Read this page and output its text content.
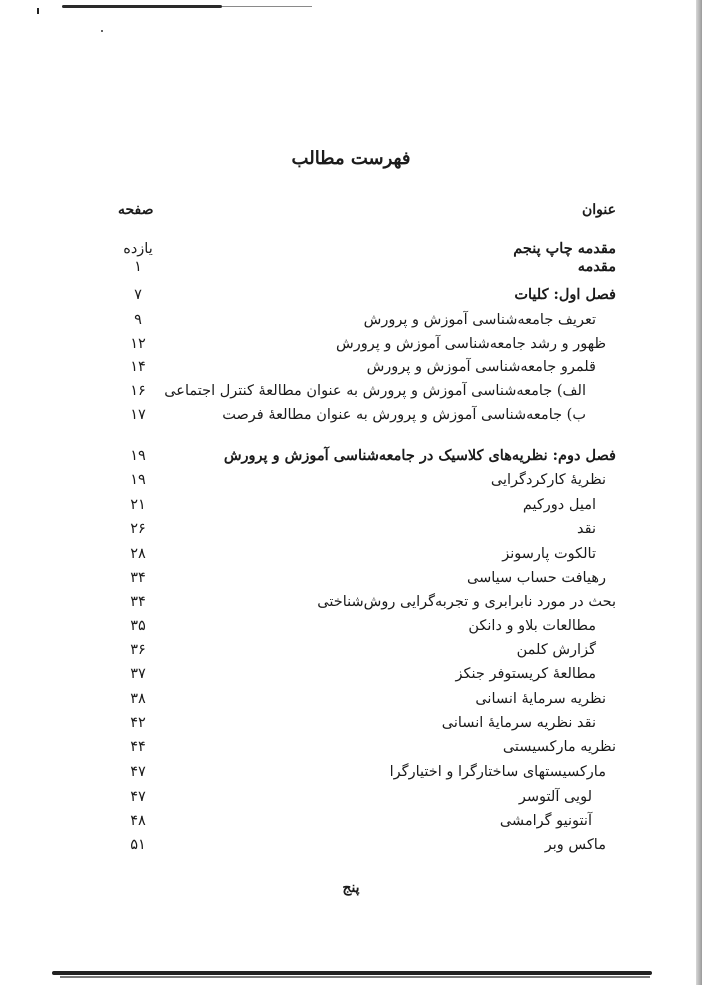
فهرست مطالب
عنوان
صفحه
مقدمه چاپ پنجم
یازده
مقدمه
۱
فصل اول: کلیات
۷
تعریف جامعه‌شناسی آموزش و پرورش
۹
ظهور و رشد جامعه‌شناسی آموزش و پرورش
۱۲
قلمرو جامعه‌شناسی آموزش و پرورش
۱۴
الف) جامعه‌شناسی آموزش و پرورش به عنوان مطالعهٔ کنترل اجتماعی
۱۶
ب) جامعه‌شناسی آموزش و پرورش به عنوان مطالعهٔ فرصت
۱۷
فصل دوم: نظریه‌های کلاسیک در جامعه‌شناسی آموزش و پرورش
۱۹
نظریهٔ کارکردگرایی
۱۹
امیل دورکیم
۲۱
نقد
۲۶
تالکوت پارسونز
۲۸
رهیافت حساب سیاسی
۳۴
بحث در مورد نابرابری و تجربه‌گرایی روش‌شناختی
۳۴
مطالعات بلاو و دانکن
۳۵
گزارش کلمن
۳۶
مطالعهٔ کریستوفر جنکز
۳۷
نظریه سرمایهٔ انسانی
۳۸
نقد نظریه سرمایهٔ انسانی
۴۲
نظریه مارکسیستی
۴۴
مارکسیستهای ساختارگرا و اختیارگرا
۴۷
لویی آلتوسر
۴۷
آنتونیو گرامشی
۴۸
ماکس وبر
۵۱
پنج
